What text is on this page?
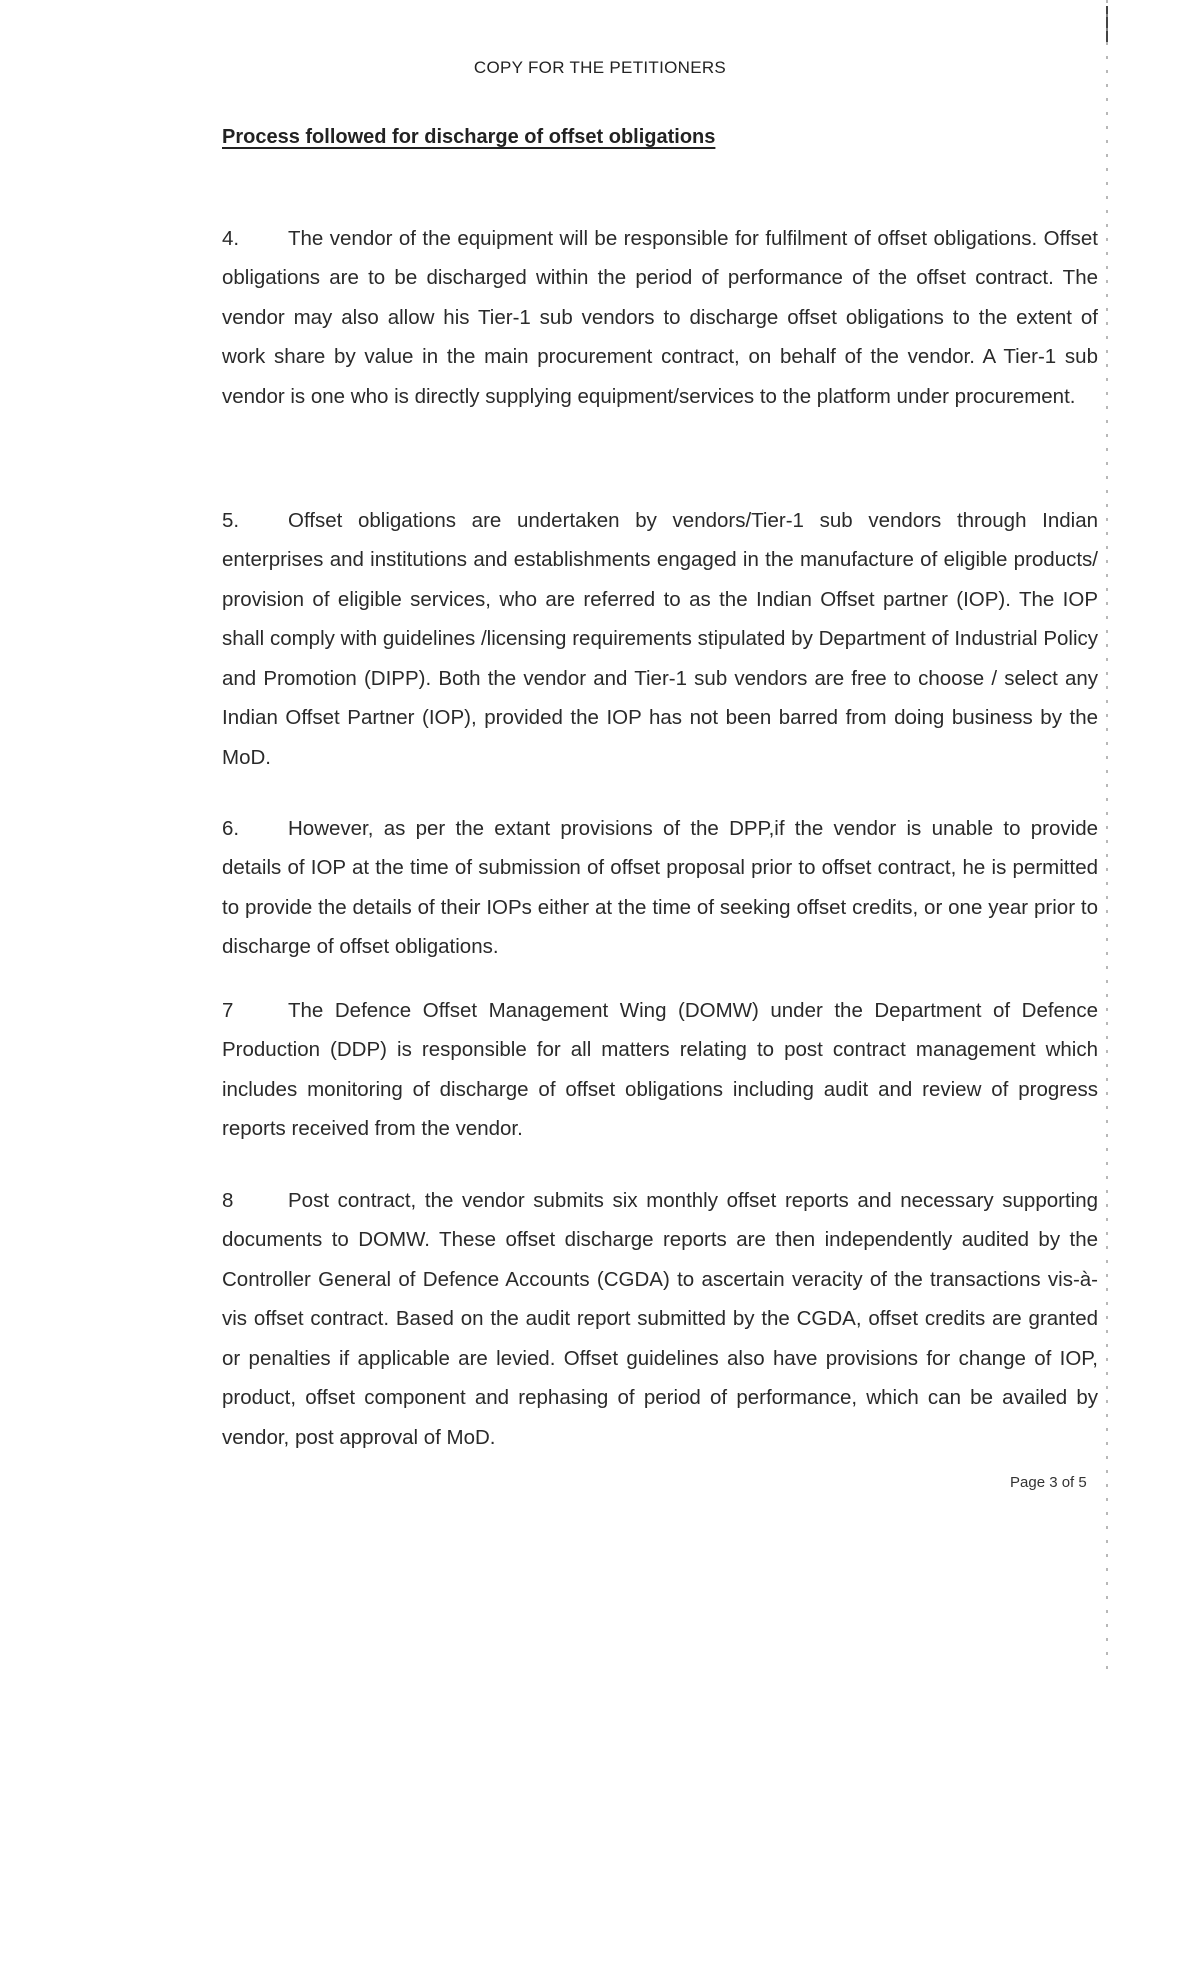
COPY FOR THE PETITIONERS
Process followed for discharge of offset obligations

4. The vendor of the equipment will be responsible for fulfilment of offset obligations. Offset obligations are to be discharged within the period of performance of the offset contract. The vendor may also allow his Tier-1 sub vendors to discharge offset obligations to the extent of work share by value in the main procurement contract, on behalf of the vendor. A Tier-1 sub vendor is one who is directly supplying equipment/services to the platform under procurement.

5. Offset obligations are undertaken by vendors/Tier-1 sub vendors through Indian enterprises and institutions and establishments engaged in the manufacture of eligible products/ provision of eligible services, who are referred to as the Indian Offset partner (IOP). The IOP shall comply with guidelines /licensing requirements stipulated by Department of Industrial Policy and Promotion (DIPP). Both the vendor and Tier-1 sub vendors are free to choose / select any Indian Offset Partner (IOP), provided the IOP has not been barred from doing business by the MoD.

6. However, as per the extant provisions of the DPP,if the vendor is unable to provide details of IOP at the time of submission of offset proposal prior to offset contract, he is permitted to provide the details of their IOPs either at the time of seeking offset credits, or one year prior to discharge of offset obligations.

7	The Defence Offset Management Wing (DOMW) under the Department of Defence Production (DDP) is responsible for all matters relating to post contract management which includes monitoring of discharge of offset obligations including audit and review of progress reports received from the vendor.

8	Post contract, the vendor submits six monthly offset reports and necessary supporting documents to DOMW. These offset discharge reports are then independently audited by the Controller General of Defence Accounts (CGDA) to ascertain veracity of the transactions vis-à-vis offset contract. Based on the audit report submitted by the CGDA, offset credits are granted or penalties if applicable are levied. Offset guidelines also have provisions for change of IOP, product, offset component and rephasing of period of performance, which can be availed by vendor, post approval of MoD.

Page 3 of 5
